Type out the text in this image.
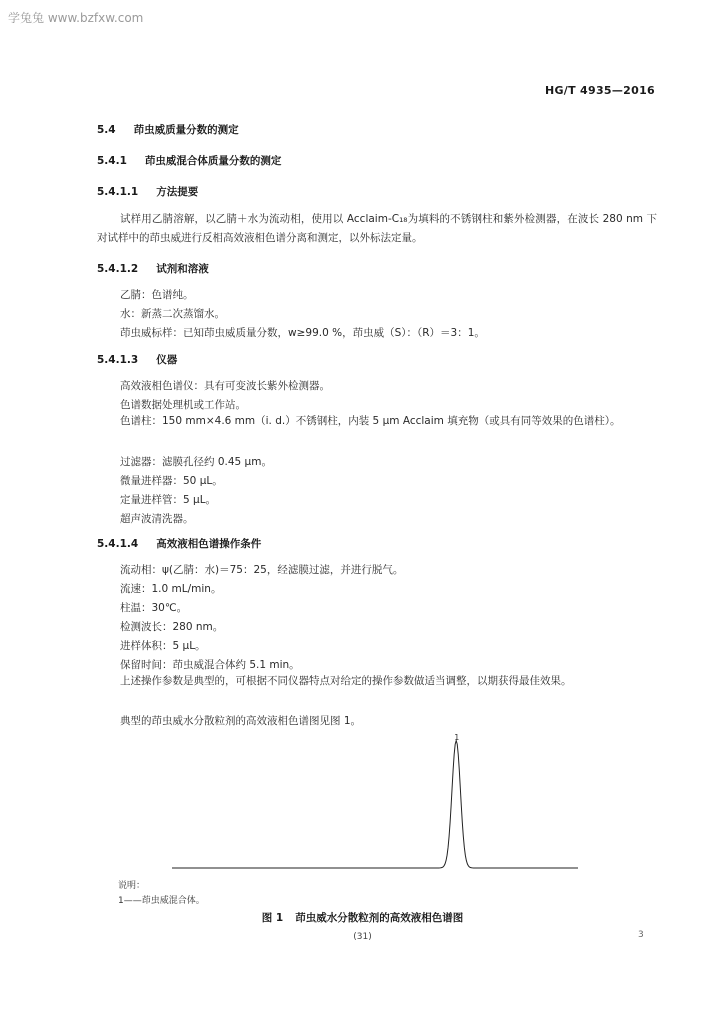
学兔兔 www.bzfxw.com
HG/T 4935—2016
5.4 茚虫威质量分数的测定
5.4.1 茚虫威混合体质量分数的测定
5.4.1.1 方法提要
试样用乙腈溶解，以乙腈＋水为流动相，使用以 Acclaim-C₁₈为填料的不锈钢柱和紫外检测器，在波长 280 nm 下对试样中的茚虫威进行反相高效液相色谱分离和测定，以外标法定量。
5.4.1.2 试剂和溶液
乙腈：色谱纯。
水：新蒸二次蒸馏水。
茚虫威标样：已知茚虫威质量分数，w≥99.0 %，茚虫威（S）：（R）＝3：1。
5.4.1.3 仪器
高效液相色谱仪：具有可变波长紫外检测器。
色谱数据处理机或工作站。
色谱柱：150 mm×4.6 mm（i. d.）不锈钢柱，内装 5 μm Acclaim 填充物（或具有同等效果的色谱柱）。
过滤器：滤膜孔径约 0.45 μm。
微量进样器：50 μL。
定量进样管：5 μL。
超声波清洗器。
5.4.1.4 高效液相色谱操作条件
流动相：ψ(乙腈：水)＝75：25，经滤膜过滤，并进行脱气。
流速：1.0 mL/min。
柱温：30℃。
检测波长：280 nm。
进样体积：5 μL。
保留时间：茚虫威混合体约 5.1 min。
上述操作参数是典型的，可根据不同仪器特点对给定的操作参数做适当调整，以期获得最佳效果。
典型的茚虫威水分散粒剂的高效液相色谱图见图 1。
1
说明：
1——茚虫威混合体。
图 1 茚虫威水分散粒剂的高效液相色谱图
(31)	3
